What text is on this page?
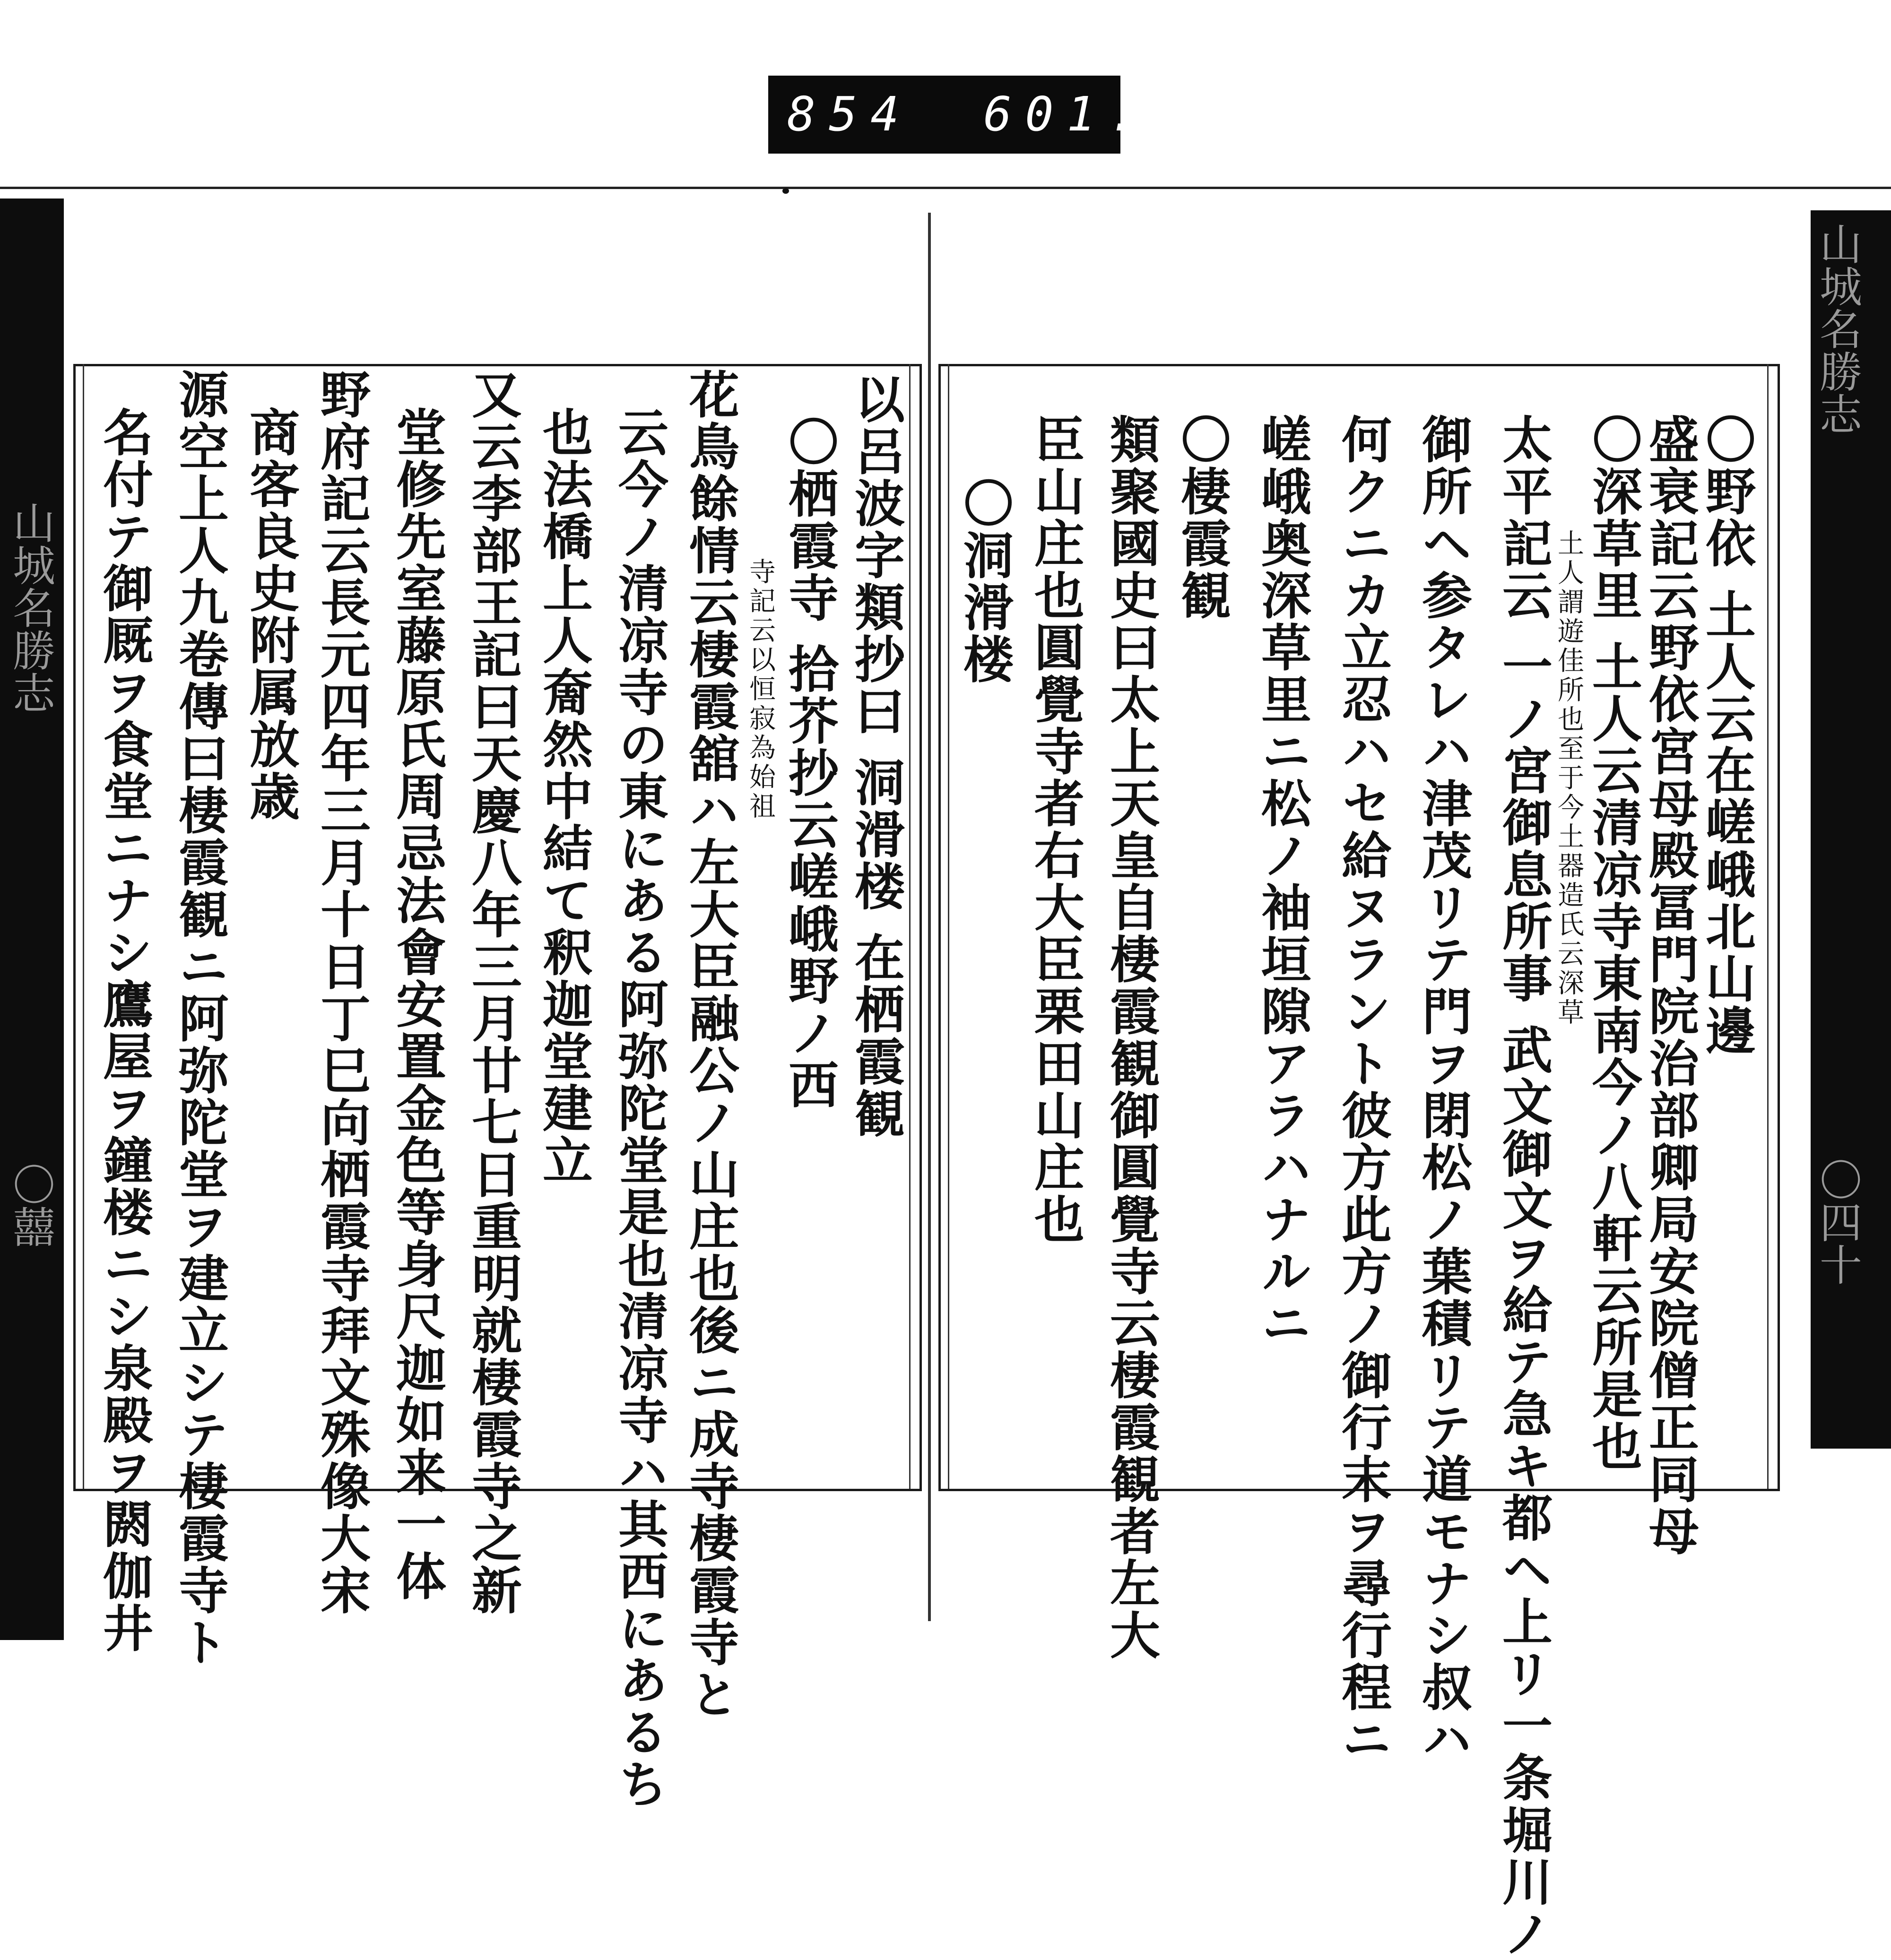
854 601.
山城名勝志
〇囍
山城名勝志
〇四十
〇野依 土人云在嵯峨北山邊
盛衰記云野依宮母殿冨門院治部卿局安院僧正同母
〇深草里 土人云清凉寺東南今ノ八軒云所是也
土人謂遊佳所也至于今土器造氏云深草
太平記云 一ノ宮御息所事 武文御文ヲ給テ急キ都ヘ上リ一条堀川ノ
御所ヘ参タレハ津茂リテ門ヲ閉松ノ葉積リテ道モナシ叔ハ
何クニカ立忍ハセ給ヌラント彼方此方ノ御行末ヲ尋行程ニ
嵯峨奥深草里ニ松ノ袖垣隙アラハナルニ
〇棲霞観
類聚國史曰太上天皇自棲霞観御圓覺寺云棲霞観者左大
臣山庄也圓覺寺者右大臣栗田山庄也
〇洞滑楼
以呂波字類抄曰 洞滑楼 在栖霞観
〇栖霞寺 拾芥抄云嵯峨野ノ西
寺記云以恒寂為始祖
花鳥餘情云棲霞舘ハ左大臣融公ノ山庄也後ニ成寺棲霞寺と
云今ノ清凉寺の東にある阿弥陀堂是也清凉寺ハ其西にあるち
也法橋上人奝然中結て釈迦堂建立
又云李部王記曰天慶八年三月廿七日重明就棲霞寺之新
堂修先室藤原氏周忌法會安置金色等身尺迦如来一体
野府記云長元四年三月十日丁巳向栖霞寺拜文殊像大宋
商客良史附属放歳
源空上人九卷傳曰棲霞観ニ阿弥陀堂ヲ建立シテ棲霞寺ト
名付テ御厩ヲ食堂ニナシ鷹屋ヲ鐘楼ニシ泉殿ヲ閼伽井
